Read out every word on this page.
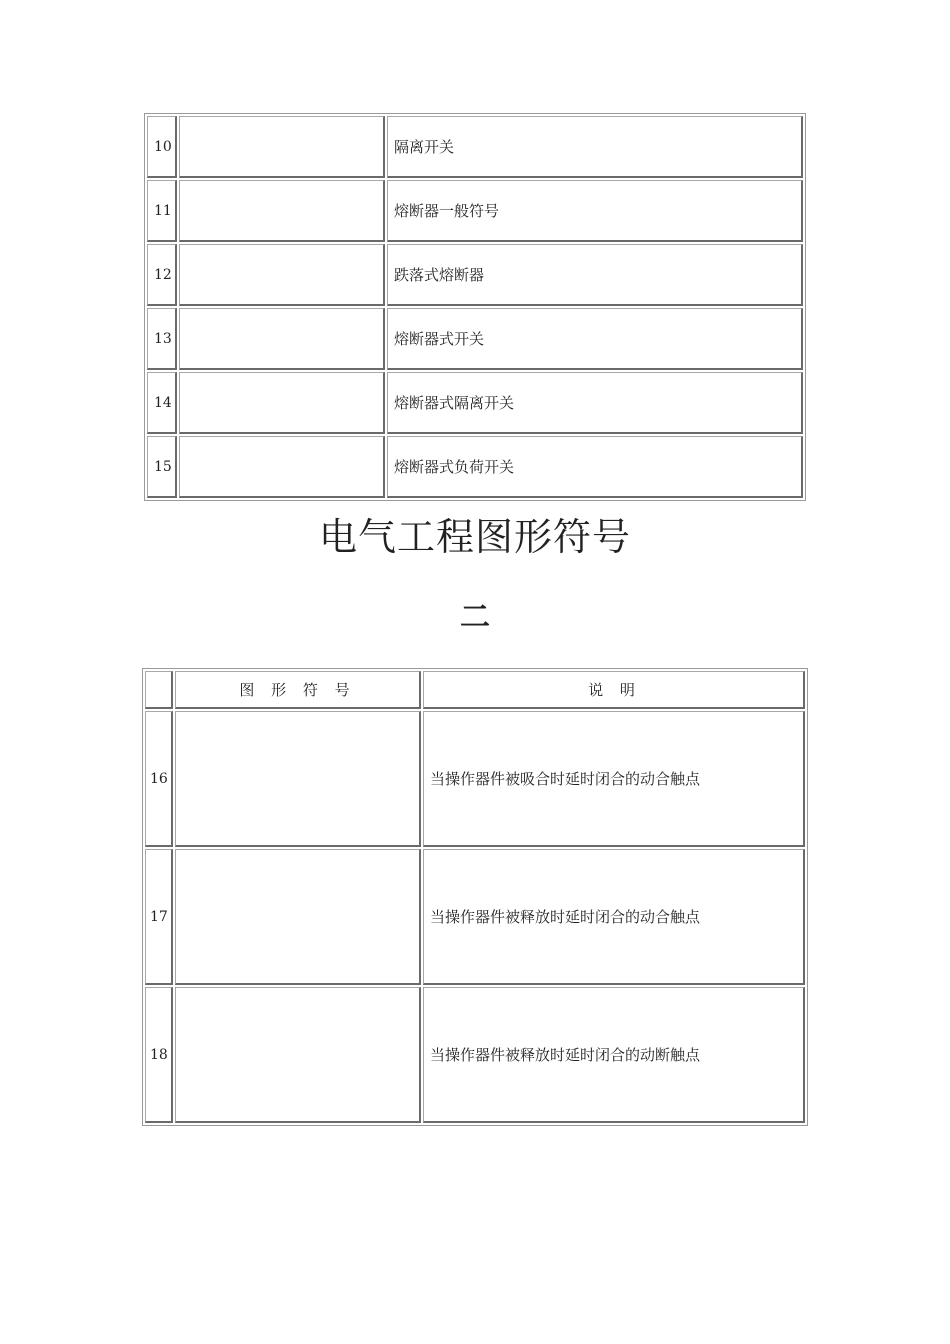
10		隔离开关
11		熔断器一般符号
12		跌落式熔断器
13		熔断器式开关
14		熔断器式隔离开关
15		熔断器式负荷开关
电气工程图形符号
二
	图 形 符 号	说 明
16		当操作器件被吸合时延时闭合的动合触点
17		当操作器件被释放时延时闭合的动合触点
18		当操作器件被释放时延时闭合的动断触点
